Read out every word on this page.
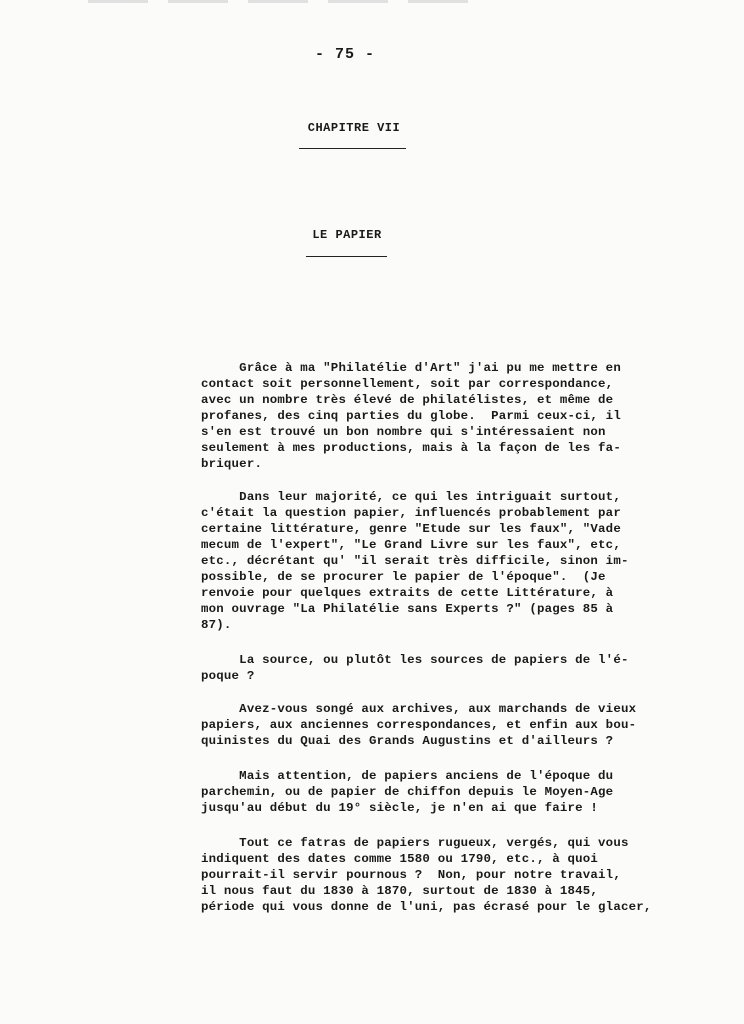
- 75 -
CHAPITRE VII
LE PAPIER
Grâce à ma "Philatélie d'Art" j'ai pu me mettre en
contact soit personnellement, soit par correspondance,
avec un nombre très élevé de philatélistes, et même de
profanes, des cinq parties du globe.  Parmi ceux-ci, il
s'en est trouvé un bon nombre qui s'intéressaient non
seulement à mes productions, mais à la façon de les fa-
briquer.
Dans leur majorité, ce qui les intriguait surtout,
c'était la question papier, influencés probablement par
certaine littérature, genre "Etude sur les faux", "Vade
mecum de l'expert", "Le Grand Livre sur les faux", etc,
etc., décrétant qu' "il serait très difficile, sinon im-
possible, de se procurer le papier de l'époque".  (Je
renvoie pour quelques extraits de cette Littérature, à
mon ouvrage "La Philatélie sans Experts ?" (pages 85 à
87).
La source, ou plutôt les sources de papiers de l'é-
poque ?
Avez-vous songé aux archives, aux marchands de vieux
papiers, aux anciennes correspondances, et enfin aux bou-
quinistes du Quai des Grands Augustins et d'ailleurs ?
Mais attention, de papiers anciens de l'époque du
parchemin, ou de papier de chiffon depuis le Moyen-Age
jusqu'au début du 19° siècle, je n'en ai que faire !
Tout ce fatras de papiers rugueux, vergés, qui vous
indiquent des dates comme 1580 ou 1790, etc., à quoi
pourrait-il servir pournous ?  Non, pour notre travail,
il nous faut du 1830 à 1870, surtout de 1830 à 1845,
période qui vous donne de l'uni, pas écrasé pour le glacer,
